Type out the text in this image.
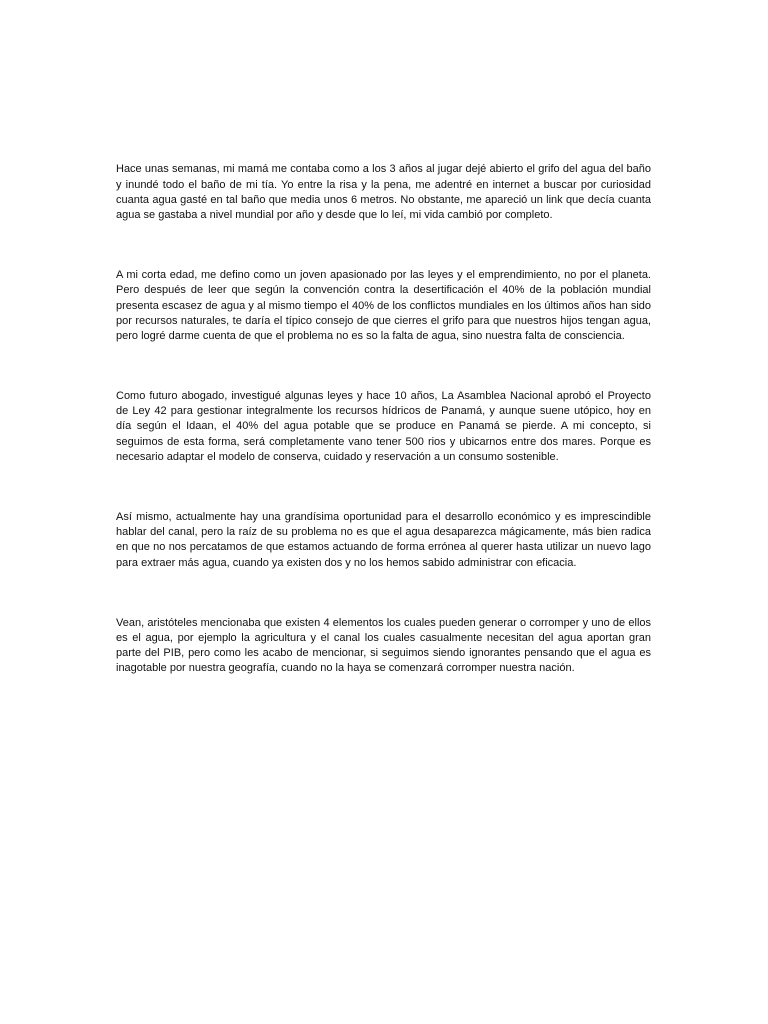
Hace unas semanas, mi mamá me contaba como a los 3 años al jugar dejé abierto el grifo del agua del baño y inundé todo el baño de mi tía. Yo entre la risa y la pena, me adentré en internet a buscar por curiosidad cuanta agua gasté en tal baño que media unos 6 metros. No obstante, me apareció un link que decía cuanta agua se gastaba a nivel mundial por año y desde que lo leí, mi vida cambió por completo.

A mi corta edad, me defino como un joven apasionado por las leyes y el emprendimiento, no por el planeta. Pero después de leer que según la convención contra la desertificación el 40% de la población mundial presenta escasez de agua y al mismo tiempo el 40% de los conflictos mundiales en los últimos años han sido por recursos naturales, te daría el típico consejo de que cierres el grifo para que nuestros hijos tengan agua,  pero logré darme cuenta de que el problema no es so la falta de agua, sino nuestra falta de consciencia.

Como futuro abogado, investigué algunas leyes y hace 10 años, La Asamblea Nacional aprobó el Proyecto de Ley 42 para gestionar integralmente los recursos hídricos de Panamá, y aunque suene utópico, hoy en día según el Idaan, el 40% del agua potable que se produce en Panamá se pierde. A mi concepto, si seguimos de esta forma, será completamente vano tener 500 rios y ubicarnos entre dos mares. Porque es necesario adaptar el modelo de conserva, cuidado y reservación a un consumo sostenible.

Así mismo, actualmente hay una grandísima oportunidad para el desarrollo económico y es imprescindible hablar del canal, pero la raíz de su problema no es que el agua desaparezca mágicamente, más bien radica en que no nos percatamos de que estamos actuando de forma errónea al querer hasta utilizar un nuevo lago para extraer más agua, cuando ya existen dos y no los hemos sabido administrar con eficacia.

Vean, aristóteles mencionaba que existen 4 elementos los cuales pueden generar o corromper y uno de ellos es el agua, por ejemplo la agricultura y el canal los cuales casualmente necesitan del agua aportan gran parte del PIB, pero como les acabo de mencionar, si seguimos siendo ignorantes pensando que el agua es inagotable por nuestra geografía, cuando no la haya se comenzará corromper nuestra nación.
